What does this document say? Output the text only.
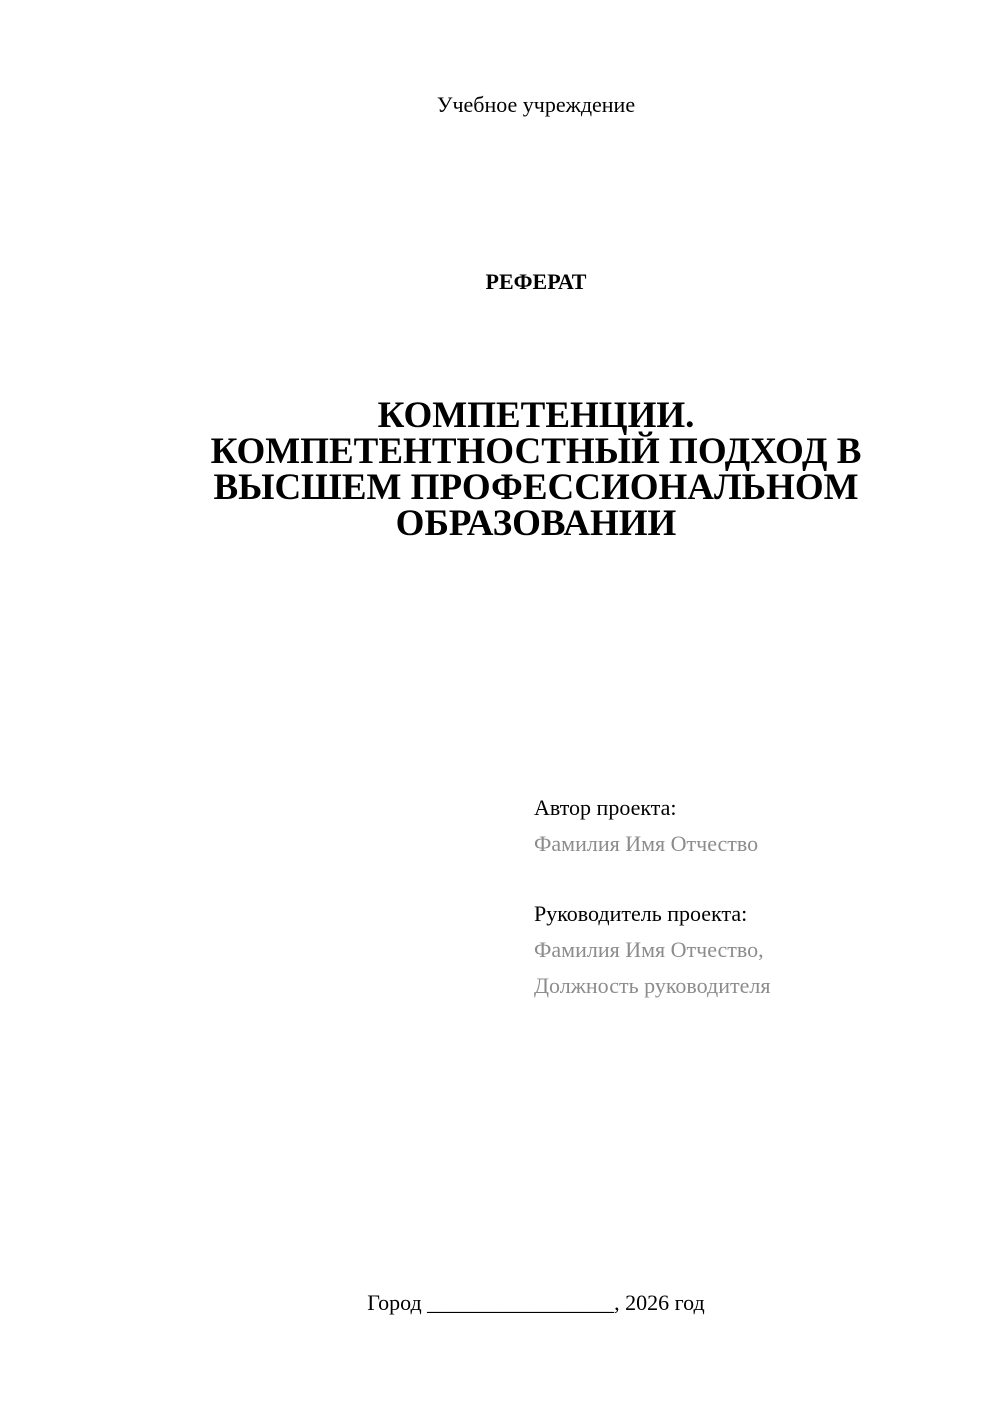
Учебное учреждение
РЕФЕРАТ
КОМПЕТЕНЦИИ.
КОМПЕТЕНТНОСТНЫЙ ПОДХОД В
ВЫСШЕМ ПРОФЕССИОНАЛЬНОМ
ОБРАЗОВАНИИ
Автор проекта:
Фамилия Имя Отчество
Руководитель проекта:
Фамилия Имя Отчество,
Должность руководителя
Город _________________, 2026 год
